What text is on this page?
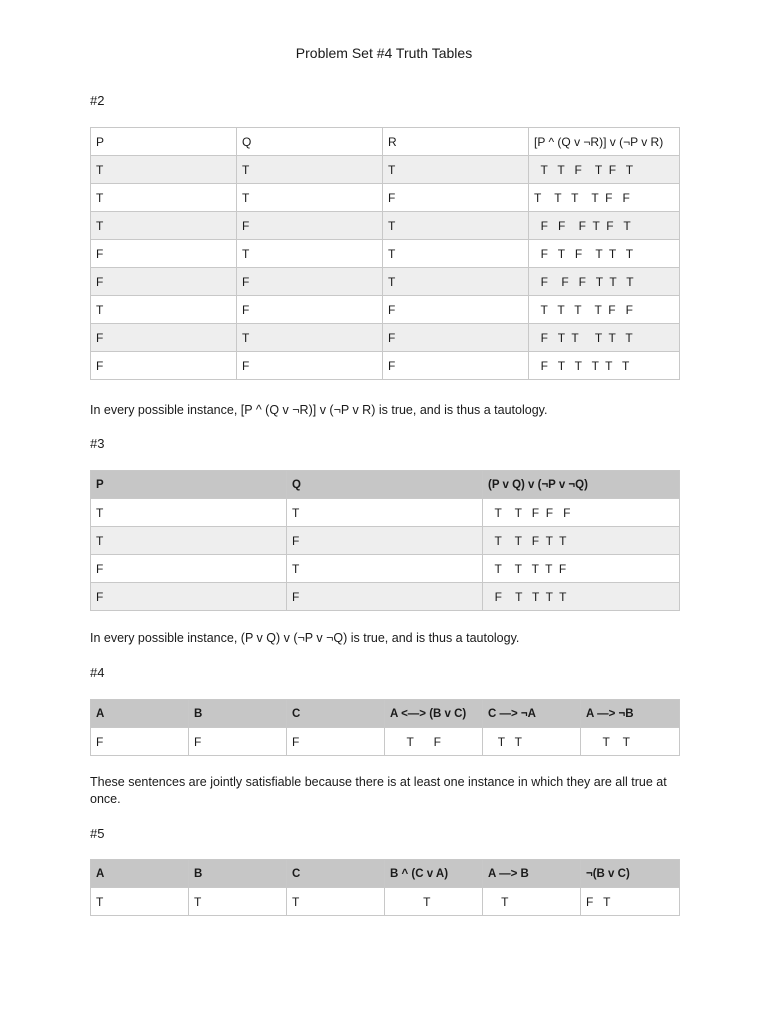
Problem Set #4 Truth Tables
#2
P	Q	R	[P ^ (Q v ¬R)] v (¬P v R)
T	T	T	T   T   F    T  F   T
T	T	F	T    T   T    T  F   F
T	F	T	F   F    F  T  F   T
F	T	T	F   T   F    T  T   T
F	F	T	F    F   F   T  T   T
T	F	F	T   T   T    T  F   F
F	T	F	F   T  T     T  T   T
F	F	F	F   T   T   T  T   T
In every possible instance, [P ^ (Q v ¬R)] v (¬P v R) is true, and is thus a tautology.
#3
P	Q	(P v Q) v (¬P v ¬Q)
T	T	T    T   F  F   F
T	F	T    T   F  T  T
F	T	T    T   T  T  F
F	F	F    T   T  T  T
In every possible instance, (P v Q) v (¬P v ¬Q) is true, and is thus a tautology.
#4
A	B	C	A <—> (B v C)	C —> ¬A	A —> ¬B
F	F	F	T      F	T   T	T    T
These sentences are jointly satisfiable because there is at least one instance in which they are all true at once.
#5
A	B	C	B ^ (C v A)	A —> B	¬(B v C)
T	T	T	T	T	F   T
